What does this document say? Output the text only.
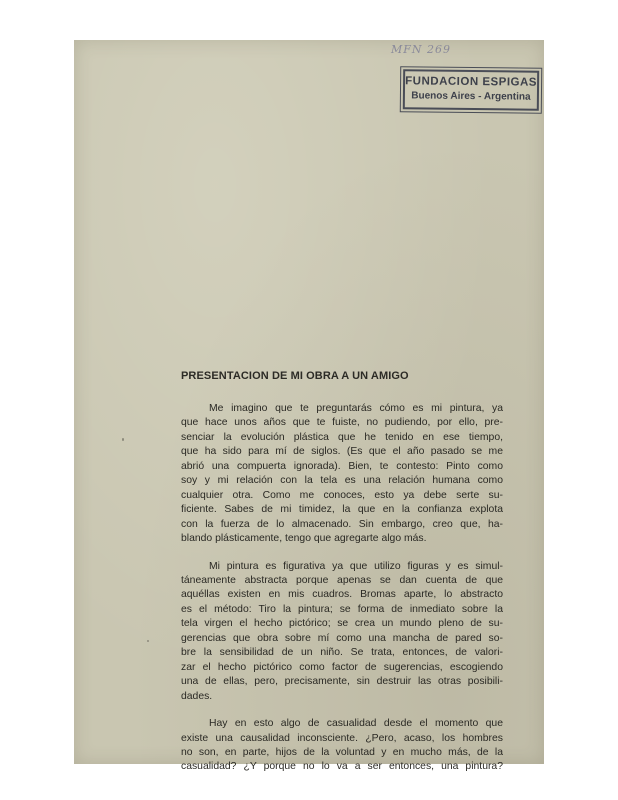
MFN 269
FUNDACION ESPIGAS
Buenos Aires - Argentina
PRESENTACION DE MI OBRA A UN AMIGO
Me imagino que te preguntarás cómo es mi pintura, ya
que hace unos años que te fuiste, no pudiendo, por ello, pre-
senciar la evolución plástica que he tenido en ese tiempo,
que ha sido para mí de siglos. (Es que el año pasado se me
abrió una compuerta ignorada). Bien, te contesto: Pinto como
soy y mi relación con la tela es una relación humana como
cualquier otra. Como me conoces, esto ya debe serte su-
ficiente. Sabes de mi timidez, la que en la confianza explota
con la fuerza de lo almacenado. Sin embargo, creo que, ha-
blando plásticamente, tengo que agregarte algo más.
Mi pintura es figurativa ya que utilizo figuras y es simul-
táneamente abstracta porque apenas se dan cuenta de que
aquéllas existen en mis cuadros. Bromas aparte, lo abstracto
es el método: Tiro la pintura; se forma de inmediato sobre la
tela virgen el hecho pictórico; se crea un mundo pleno de su-
gerencias que obra sobre mí como una mancha de pared so-
bre la sensibilidad de un niño. Se trata, entonces, de valori-
zar el hecho pictórico como factor de sugerencias, escogiendo
una de ellas, pero, precisamente, sin destruir las otras posibili-
dades.
Hay en esto algo de casualidad desde el momento que
existe una causalidad inconsciente. ¿Pero, acaso, los hombres
no son, en parte, hijos de la voluntad y en mucho más, de la
casualidad? ¿Y porque no lo va a ser entonces, una pintura?
